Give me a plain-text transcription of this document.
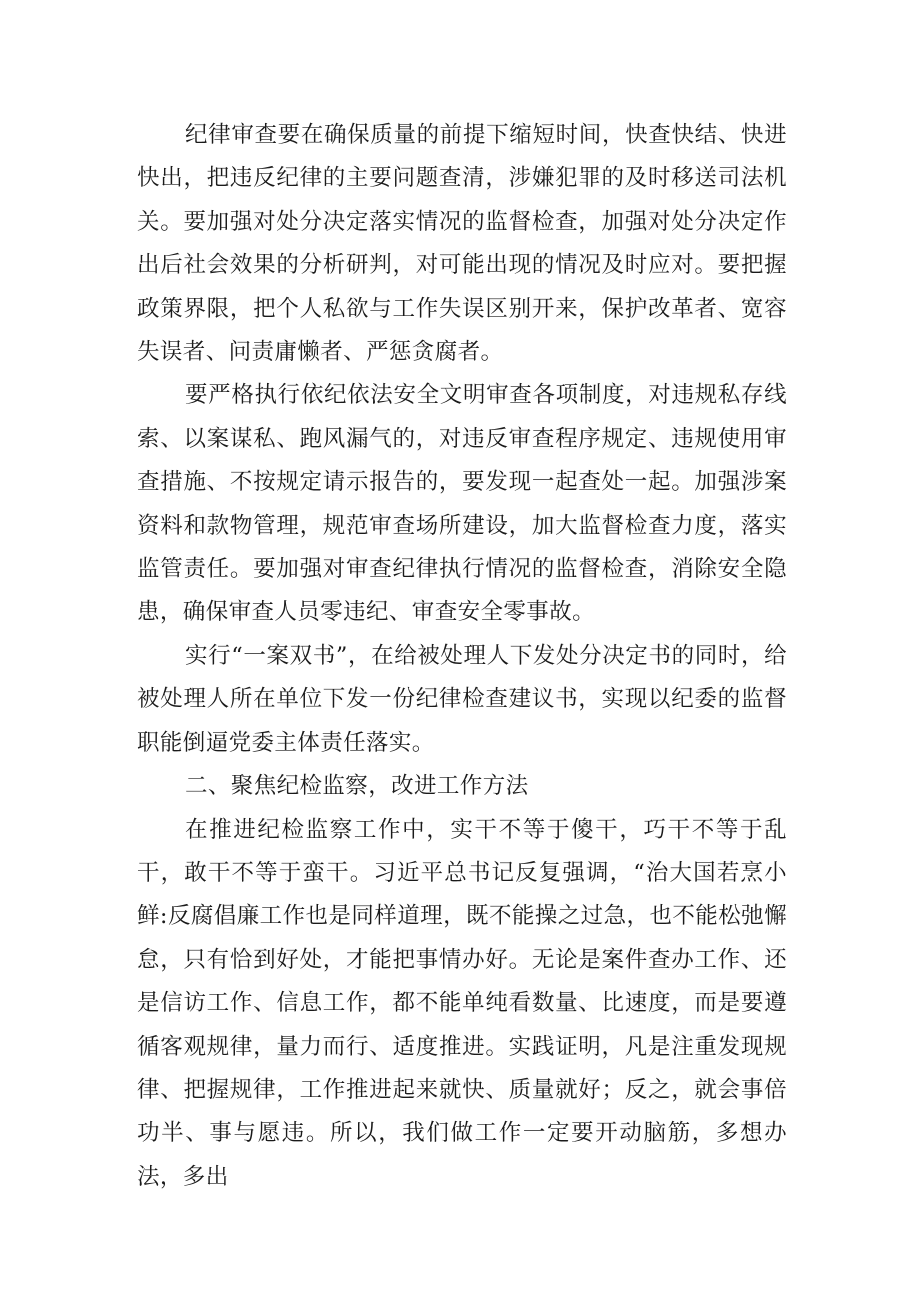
纪律审查要在确保质量的前提下缩短时间，快查快结、快进快出，把违反纪律的主要问题查清，涉嫌犯罪的及时移送司法机关。要加强对处分决定落实情况的监督检查，加强对处分决定作出后社会效果的分析研判，对可能出现的情况及时应对。要把握政策界限，把个人私欲与工作失误区别开来，保护改革者、宽容失误者、问责庸懒者、严惩贪腐者。

要严格执行依纪依法安全文明审查各项制度，对违规私存线索、以案谋私、跑风漏气的，对违反审查程序规定、违规使用审查措施、不按规定请示报告的，要发现一起查处一起。加强涉案资料和款物管理，规范审查场所建设，加大监督检查力度，落实监管责任。要加强对审查纪律执行情况的监督检查，消除安全隐患，确保审查人员零违纪、审查安全零事故。

实行“一案双书”，在给被处理人下发处分决定书的同时，给被处理人所在单位下发一份纪律检查建议书，实现以纪委的监督职能倒逼党委主体责任落实。

二、聚焦纪检监察，改进工作方法

在推进纪检监察工作中，实干不等于傻干，巧干不等于乱干，敢干不等于蛮干。习近平总书记反复强调，“治大国若烹小鲜:反腐倡廉工作也是同样道理，既不能操之过急，也不能松弛懈怠，只有恰到好处，才能把事情办好。无论是案件查办工作、还是信访工作、信息工作，都不能单纯看数量、比速度，而是要遵循客观规律，量力而行、适度推进。实践证明，凡是注重发现规律、把握规律，工作推进起来就快、质量就好；反之，就会事倍功半、事与愿违。所以，我们做工作一定要开动脑筋，多想办法，多出
